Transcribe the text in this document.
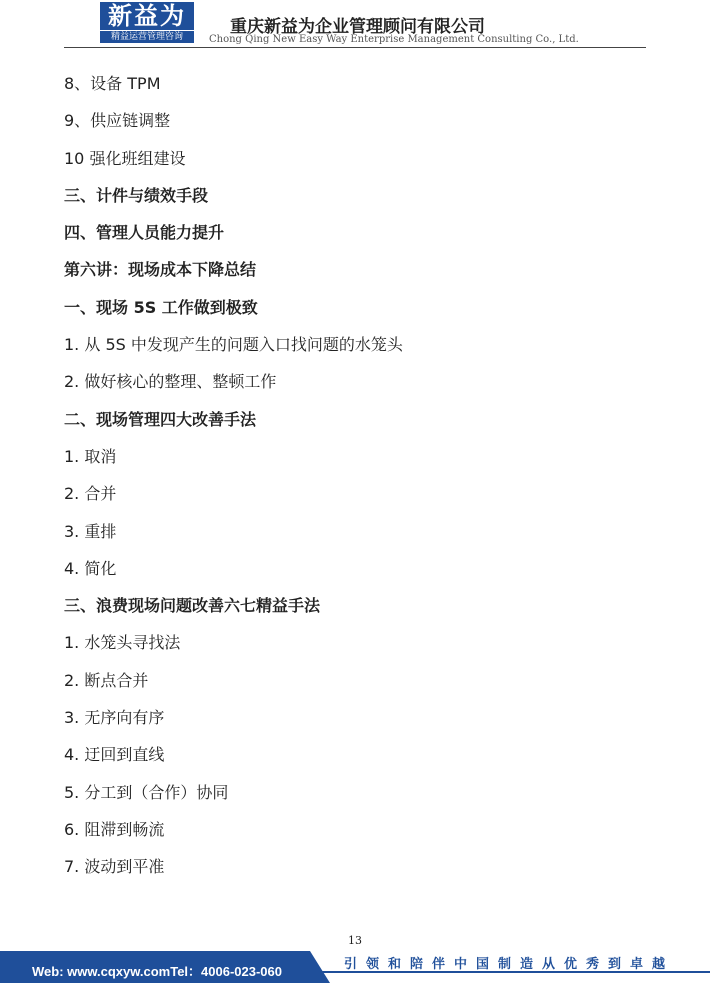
新益为
精益运营管理咨询	重庆新益为企业管理顾问有限公司
Chong Qing New Easy Way Enterprise Management Consulting Co., Ltd.
8、设备 TPM
9、供应链调整
10 强化班组建设
三、计件与绩效手段
四、管理人员能力提升
第六讲：现场成本下降总结
一、现场 5S 工作做到极致
1. 从 5S 中发现产生的问题入口找问题的水笼头
2. 做好核心的整理、整顿工作
二、现场管理四大改善手法
1. 取消
2. 合并
3. 重排
4. 简化
三、浪费现场问题改善六七精益手法
1. 水笼头寻找法
2. 断点合并
3. 无序向有序
4. 迂回到直线
5. 分工到（合作）协同
6. 阻滞到畅流
7. 波动到平准
13
Web: www.cqxyw.comTel：4006-023-060	引领和陪伴中国制造从优秀到卓越
